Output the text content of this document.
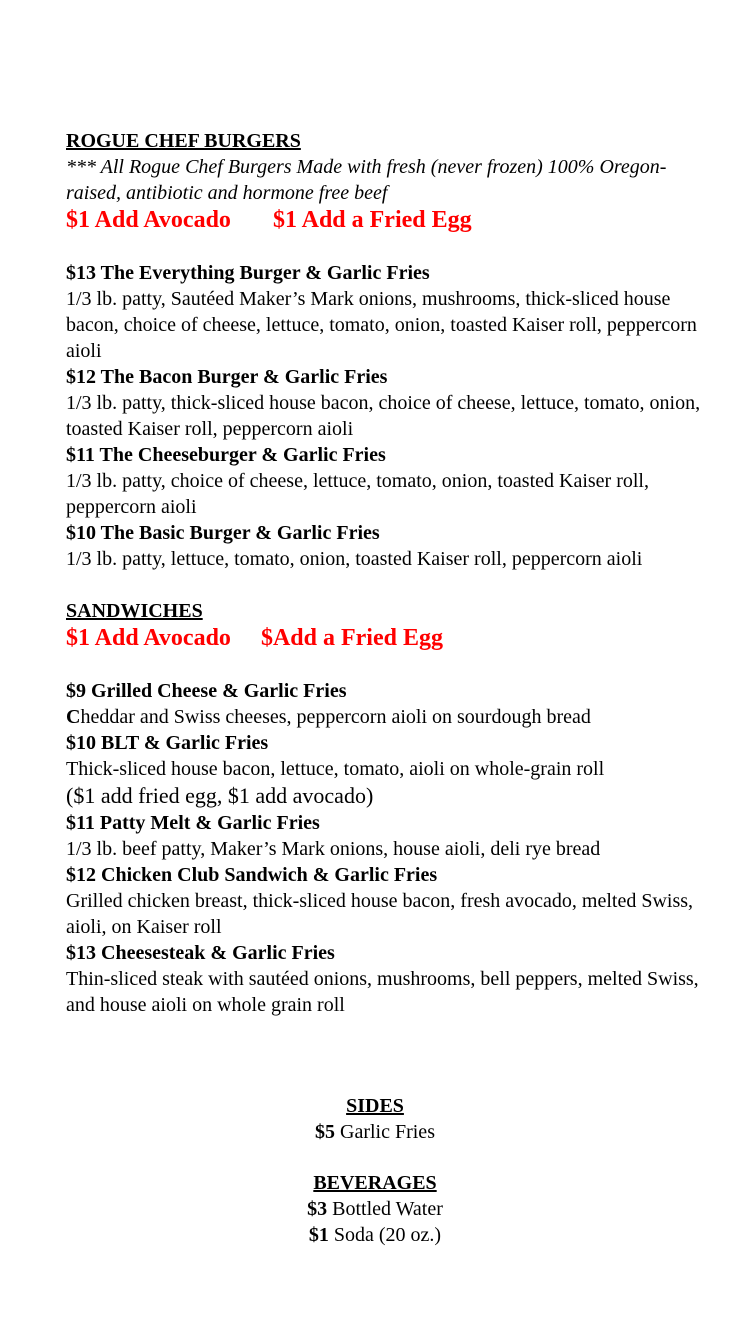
ROGUE CHEF BURGERS
*** All Rogue Chef Burgers Made with fresh (never frozen) 100% Oregon-raised, antibiotic and hormone free beef
$1 Add Avocado $1 Add a Fried Egg
$13 The Everything Burger & Garlic Fries
1/3 lb. patty, Sautéed Maker’s Mark onions, mushrooms, thick-sliced house bacon, choice of cheese, lettuce, tomato, onion, toasted Kaiser roll, peppercorn aioli
$12 The Bacon Burger & Garlic Fries
1/3 lb. patty, thick-sliced house bacon, choice of cheese, lettuce, tomato, onion, toasted Kaiser roll, peppercorn aioli
$11 The Cheeseburger & Garlic Fries
1/3 lb. patty, choice of cheese, lettuce, tomato, onion, toasted Kaiser roll, peppercorn aioli
$10 The Basic Burger & Garlic Fries
1/3 lb. patty, lettuce, tomato, onion, toasted Kaiser roll, peppercorn aioli
SANDWICHES
$1 Add Avocado $Add a Fried Egg
$9 Grilled Cheese & Garlic Fries
Cheddar and Swiss cheeses, peppercorn aioli on sourdough bread
$10 BLT & Garlic Fries
Thick-sliced house bacon, lettuce, tomato, aioli on whole-grain roll
($1 add fried egg, $1 add avocado)
$11 Patty Melt & Garlic Fries
1/3 lb. beef patty, Maker’s Mark onions, house aioli, deli rye bread
$12 Chicken Club Sandwich & Garlic Fries
Grilled chicken breast, thick-sliced house bacon, fresh avocado, melted Swiss, aioli, on Kaiser roll
$13 Cheesesteak & Garlic Fries
Thin-sliced steak with sautéed onions, mushrooms, bell peppers, melted Swiss, and house aioli on whole grain roll
SIDES
$5 Garlic Fries
BEVERAGES
$3 Bottled Water
$1 Soda (20 oz.)
